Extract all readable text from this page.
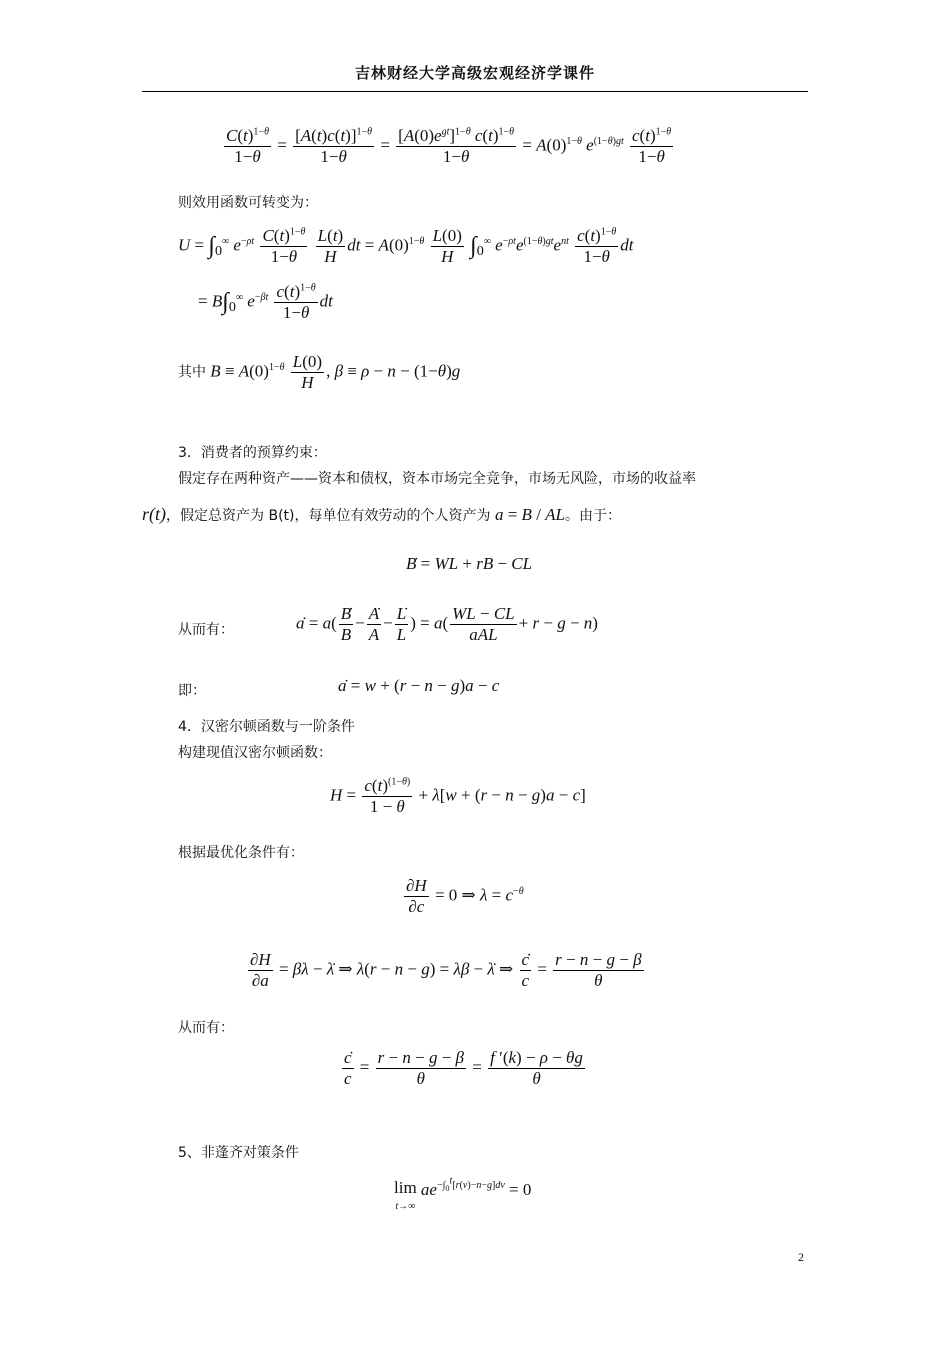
吉林财经大学高级宏观经济学课件
$\frac{C(t)^{1-\theta}}{1-\theta} = \frac{[A(t)c(t)]^{1-\theta}}{1-\theta} = \frac{[A(0)e^{gt}]^{1-\theta} c(t)^{1-\theta}}{1-\theta} = A(0)^{1-\theta}$ $e^{(1-\theta)gt} \frac{c(t)^{1-\theta}}{1-\theta}$
则效用函数可转变为：
$U = \int_0^\infty$ $e^{-\rho t} \frac{C(t)^{1-\theta}}{1-\theta}$
$\frac{L(t)}{H}$ dt = $A(0)^{1-\theta} \frac{L(0)}{H} \int_0^\infty$ $e^{-\rho t}e^{(1-\theta)gt}e^{nt} \frac{c(t)^{1-\theta}}{1-\theta}$ dt
= $B\int_0^\infty$ $e^{-\beta t} \frac{c(t)^{1-\theta}}{1-\theta}$ dt
其中 $B \equiv A(0)^{1-\theta} \frac{L(0)}{H}$ , β ≡ ρ − n − (1−θ)g
3．消费者的预算约束：
假定存在两种资产——资本和债权，资本市场完全竞争，市场无风险，市场的收益率
r(t)，假定总资产为 B(t)，每单位有效劳动的个人资产为 a = B / AL。由于：
Ḃ = WL + rB − CL
从而有：	ȧ = $a( \frac{B}{B} - \frac{A}{A} - \frac{L}{L}$ ) = $a( \frac{WL - CL}{\text{aAL}} + r - g - n)$
即：	ȧ = w + (r − n − g)a − c
4．汉密尔顿函数与一阶条件
构建现值汉密尔顿函数：
$H = \frac{c(t)^{(1-\theta)}}{1 - \theta} + \lambda[w + (r - n - g)a - c]$
根据最优化条件有：
$\frac{\partial H}{\partial c} = 0$ ⇒ $\lambda = c^{-\theta}$
$\frac{\partial H}{\partial a} = \beta\lambda$ − λ̇ ⇒ λ(r − n − g) = λβ − λ̇ ⇒ $\frac{c}{c} = \frac{r - n - g - \beta}{\theta}$
从而有：
$\frac{c}{c} = \frac{r - n - g - \beta}{\theta} = \frac{f '(k) - \rho - \theta g}{\theta}$
5、非蓬齐对策条件
lim
t→∞ $ae^{-\int_0^t[r(v)-n-g]dv} = 0$
2
